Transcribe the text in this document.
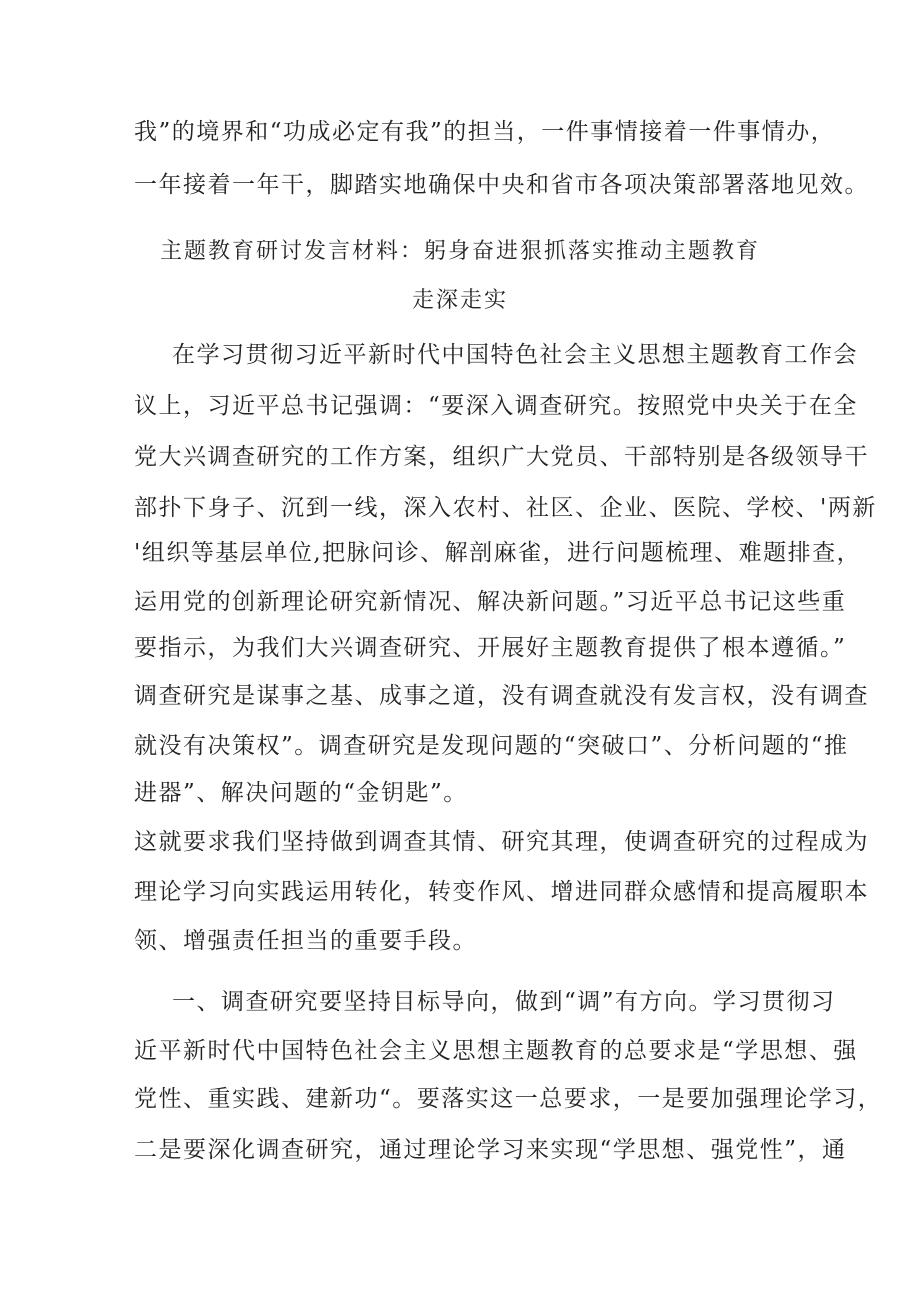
我”的境界和“功成必定有我”的担当，一件事情接着一件事情办，
一年接着一年干，脚踏实地确保中央和省市各项决策部署落地见效。
主题教育研讨发言材料：躬身奋进狠抓落实推动主题教育
走深走实
在学习贯彻习近平新时代中国特色社会主义思想主题教育工作会
议上，习近平总书记强调：“要深入调查研究。按照党中央关于在全
党大兴调查研究的工作方案，组织广大党员、干部特别是各级领导干
部扑下身子、沉到一线，深入农村、社区、企业、医院、学校、'两新
'组织等基层单位,把脉问诊、解剖麻雀，进行问题梳理、难题排查，
运用党的创新理论研究新情况、解决新问题。”习近平总书记这些重
要指示，为我们大兴调查研究、开展好主题教育提供了根本遵循。”
调查研究是谋事之基、成事之道，没有调查就没有发言权，没有调查
就没有决策权”。调查研究是发现问题的“突破口”、分析问题的“推
进器”、解决问题的“金钥匙”。
这就要求我们坚持做到调查其情、研究其理，使调查研究的过程成为
理论学习向实践运用转化，转变作风、增进同群众感情和提高履职本
领、增强责任担当的重要手段。
一、调查研究要坚持目标导向，做到“调”有方向。学习贯彻习
近平新时代中国特色社会主义思想主题教育的总要求是“学思想、强
党性、重实践、建新功“。要落实这一总要求，一是要加强理论学习，
二是要深化调查研究，通过理论学习来实现“学思想、强党性”，通
